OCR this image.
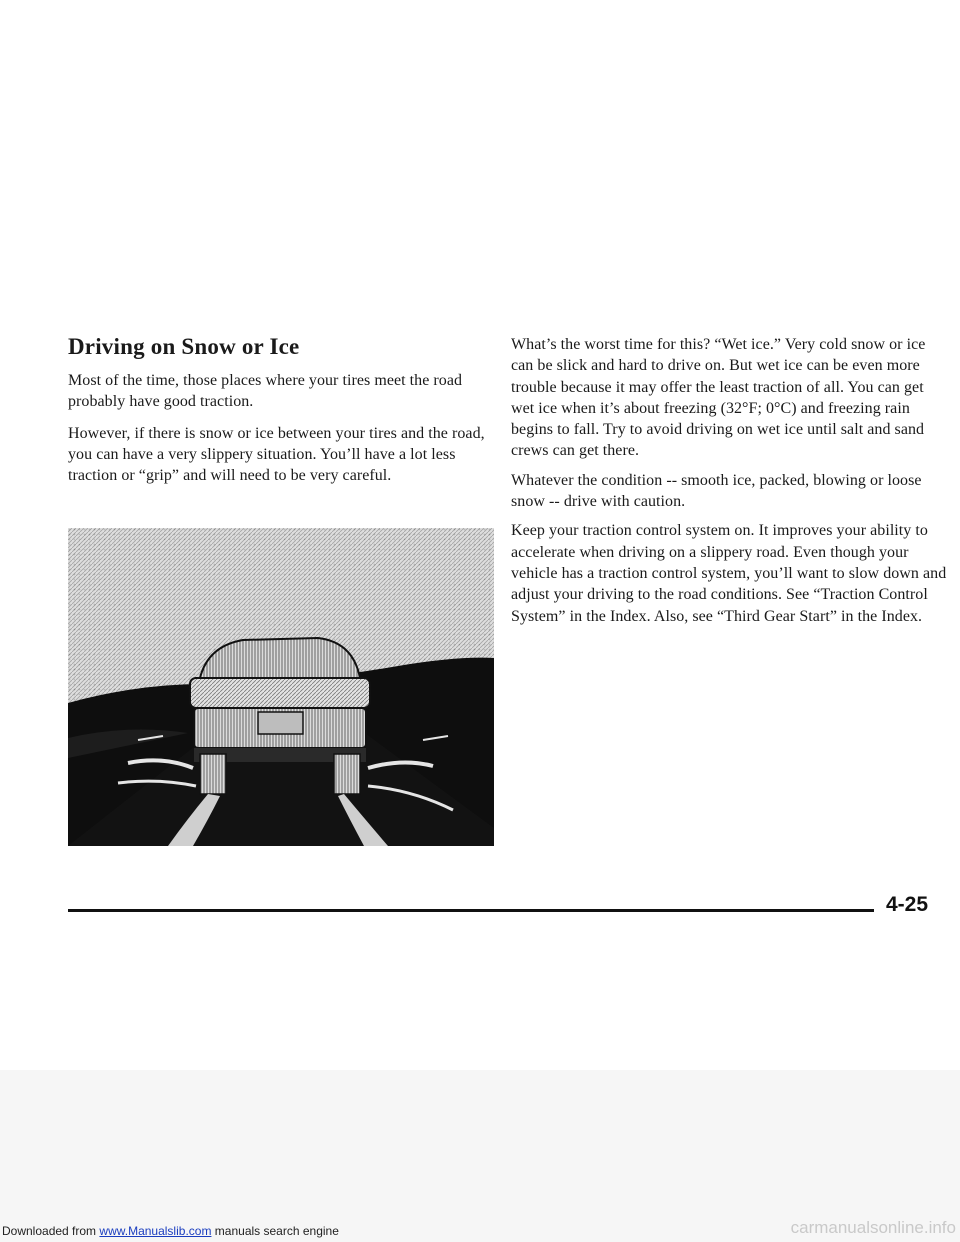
Driving on Snow or Ice

Most of the time, those places where your tires meet the road probably have good traction.

However, if there is snow or ice between your tires and the road, you can have a very slippery situation. You’ll have a lot less traction or “grip” and will need to be very careful.

What’s the worst time for this? “Wet ice.” Very cold snow or ice can be slick and hard to drive on. But wet ice can be even more trouble because it may offer the least traction of all. You can get wet ice when it’s about freezing (32°F; 0°C) and freezing rain begins to fall. Try to avoid driving on wet ice until salt and sand crews can get there.

Whatever the condition -- smooth ice, packed, blowing or loose snow -- drive with caution.

Keep your traction control system on. It improves your ability to accelerate when driving on a slippery road. Even though your vehicle has a traction control system, you’ll want to slow down and adjust your driving to the road conditions. See “Traction Control System” in the Index. Also, see “Third Gear Start” in the Index.

4-25
Downloaded from www.Manualslib.com manuals search engine	carmanualsonline.info
